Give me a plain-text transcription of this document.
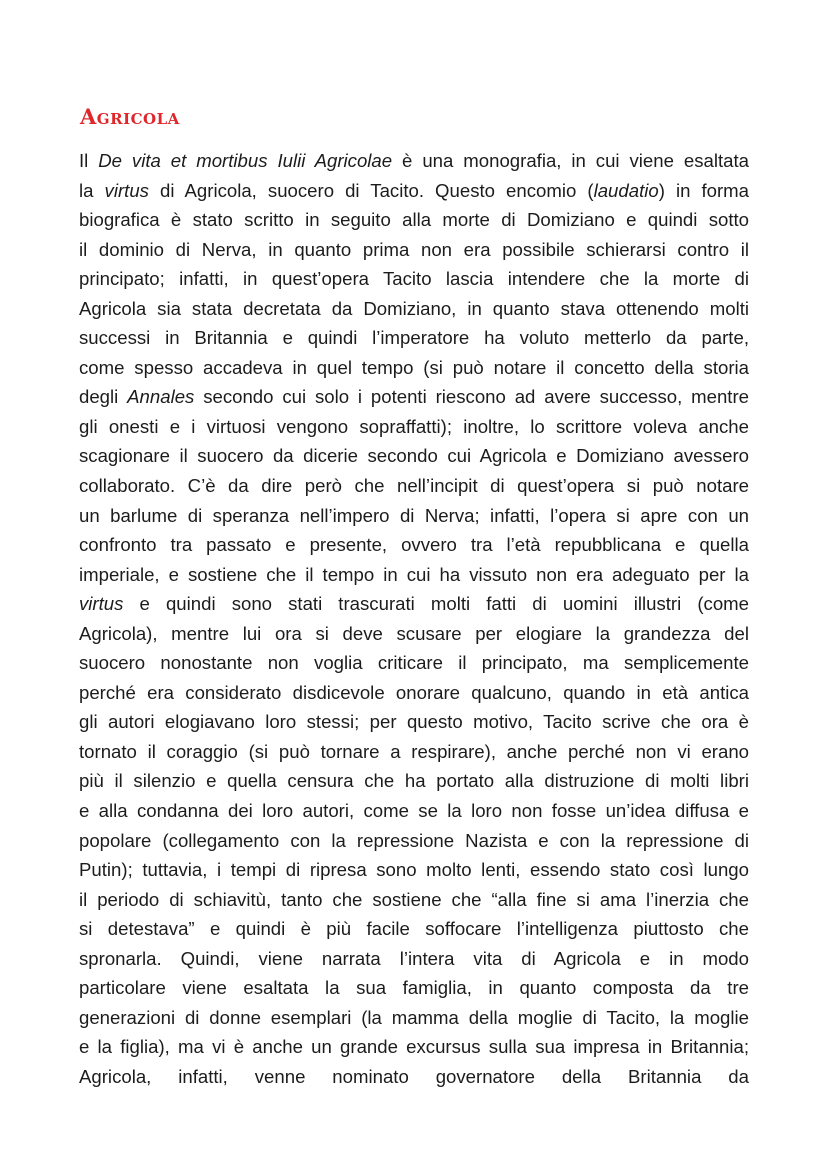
Agricola
Il De vita et mortibus Iulii Agricolae è una monografia, in cui viene esaltata
la virtus di Agricola, suocero di Tacito. Questo encomio (laudatio) in forma
biografica è stato scritto in seguito alla morte di Domiziano e quindi sotto
il dominio di Nerva, in quanto prima non era possibile schierarsi contro il
principato; infatti, in quest’opera Tacito lascia intendere che la morte di
Agricola sia stata decretata da Domiziano, in quanto stava ottenendo molti
successi in Britannia e quindi l’imperatore ha voluto metterlo da parte,
come spesso accadeva in quel tempo (si può notare il concetto della storia
degli Annales secondo cui solo i potenti riescono ad avere successo, mentre
gli onesti e i virtuosi vengono sopraffatti); inoltre, lo scrittore voleva anche
scagionare il suocero da dicerie secondo cui Agricola e Domiziano avessero
collaborato. C’è da dire però che nell’incipit di quest’opera si può notare
un barlume di speranza nell’impero di Nerva; infatti, l’opera si apre con un
confronto tra passato e presente, ovvero tra l’età repubblicana e quella
imperiale, e sostiene che il tempo in cui ha vissuto non era adeguato per la
virtus e quindi sono stati trascurati molti fatti di uomini illustri (come
Agricola), mentre lui ora si deve scusare per elogiare la grandezza del
suocero nonostante non voglia criticare il principato, ma semplicemente
perché era considerato disdicevole onorare qualcuno, quando in età antica
gli autori elogiavano loro stessi; per questo motivo, Tacito scrive che ora è
tornato il coraggio (si può tornare a respirare), anche perché non vi erano
più il silenzio e quella censura che ha portato alla distruzione di molti libri
e alla condanna dei loro autori, come se la loro non fosse un’idea diffusa e
popolare (collegamento con la repressione Nazista e con la repressione di
Putin); tuttavia, i tempi di ripresa sono molto lenti, essendo stato così lungo
il periodo di schiavitù, tanto che sostiene che “alla fine si ama l’inerzia che
si detestava” e quindi è più facile soffocare l’intelligenza piuttosto che
spronarla. Quindi, viene narrata l’intera vita di Agricola e in modo
particolare viene esaltata la sua famiglia, in quanto composta da tre
generazioni di donne esemplari (la mamma della moglie di Tacito, la moglie
e la figlia), ma vi è anche un grande excursus sulla sua impresa in Britannia;
Agricola, infatti, venne nominato governatore della Britannia da
